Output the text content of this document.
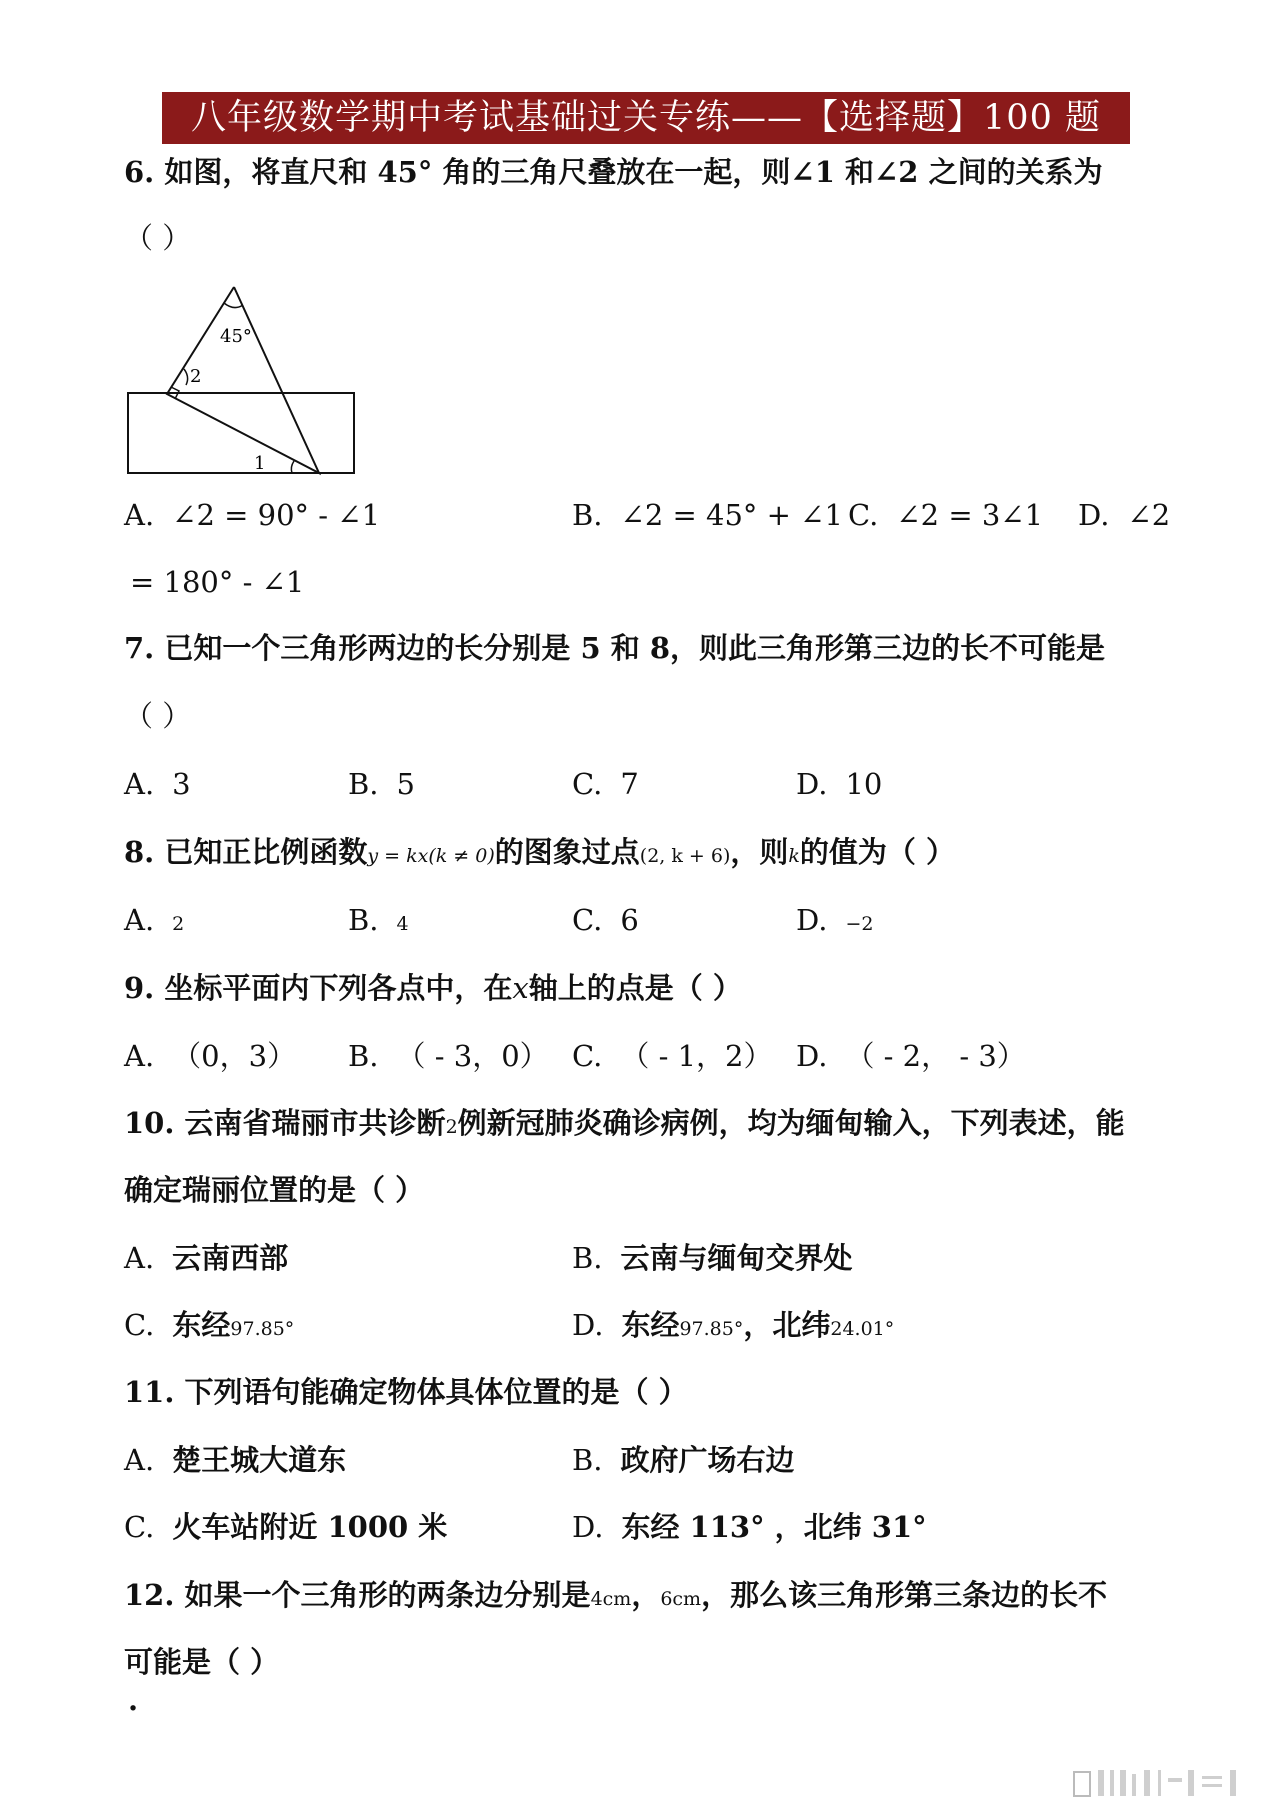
八年级数学期中考试基础过关专练——【选择题】100 题
6. 如图，将直尺和 45° 角的三角尺叠放在一起，则∠1 和∠2 之间的关系为
（ ）
45°
2
1
A. ∠2 = 90° - ∠1	B. ∠2 = 45° + ∠1 C. ∠2 = 3∠1 D. ∠2
= 180° - ∠1
7. 已知一个三角形两边的长分别是 5 和 8，则此三角形第三边的长不可能是
（ ）
A. 3	B. 5	C. 7	D. 10
8. 已知正比例函数y = kx(k ≠ 0)的图象过点(2, k + 6)，则k的值为（ ）
A. 2	B. 4	C. 6	D. −2
9. 坐标平面内下列各点中，在x轴上的点是（ ）
A. （0，3） B. （ - 3，0） C. （ - 1，2） D. （ - 2， - 3）
10. 云南省瑞丽市共诊断2例新冠肺炎确诊病例，均为缅甸输入，下列表述，能
确定瑞丽位置的是（ ）
A. 云南西部	B. 云南与缅甸交界处
C. 东经97.85°	D. 东经97.85°，北纬24.01°
11. 下列语句能确定物体具体位置的是（ ）
A. 楚王城大道东	B. 政府广场右边
C. 火车站附近 1000 米	D. 东经 113° ，北纬 31°
12. 如果一个三角形的两条边分别是4cm，6cm，那么该三角形第三条边的长不
可能是（ ）
.
